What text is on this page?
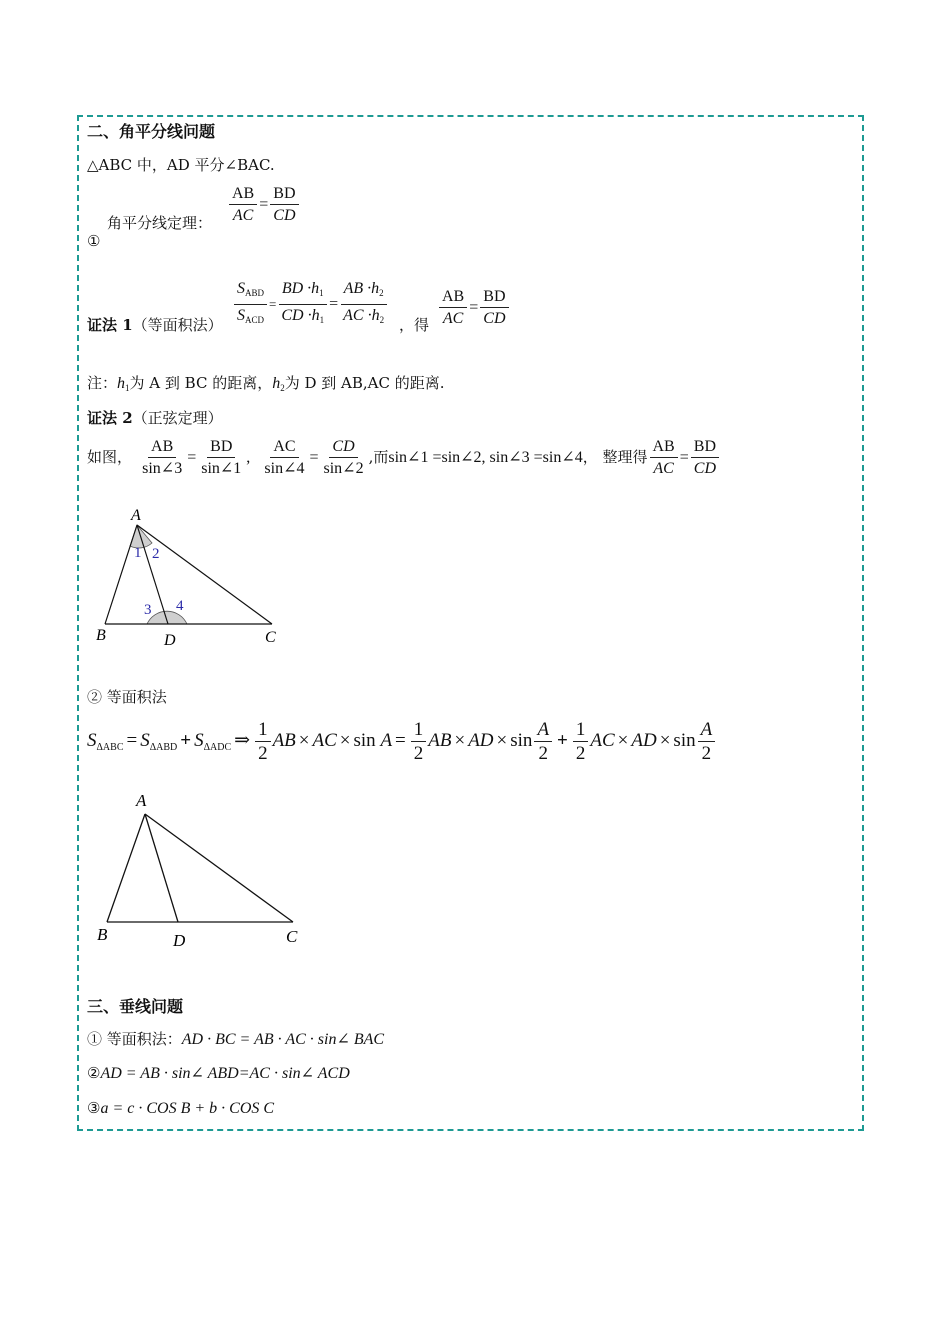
二、角平分线问题
△ABC 中，AD 平分∠BAC.
$\frac{AB}{AC} = \frac{BD}{CD}$
角平分线定理：
①
$\frac{S_{ABD}}{S_{ACD}} = \frac{BD \cdot h_1}{CD \cdot h_1} = \frac{AB \cdot h_2}{AC \cdot h_2}$
证法 1（等面积法）	，得 $\frac{AB}{AC} = \frac{BD}{CD}$
注：$h_1$为 A 到 BC 的距离，$h_2$为 D 到 AB,AC 的距离.
证法 2（正弦定理）
如图， $\frac{AB}{\sin\angle 3} = \frac{BD}{\sin\angle 1}$ , $\frac{AC}{\sin\angle 4} = \frac{CD}{\sin\angle 2}$ ,而sin∠1 =sin∠2, sin∠3 =sin∠4， 整理得 $\frac{AB}{AC} = \frac{BD}{CD}$
A
B	D	C
1 2
3 4
② 等面积法
$S_{\Delta ABC} = S_{\Delta ABD} + S_{\Delta ADC}$ ⇒ $\frac{1}{2}$ AB × AC × $\sin A = \frac{1}{2}$ AB × AD × $\sin \frac{A}{2} + \frac{1}{2}$ AC × AD × $\sin \frac{A}{2}$
A
B	D	C
三、垂线问题
① 等面积法：AD · BC = AB · AC · sin∠ BAC
②AD = AB · sin∠ ABD=AC · sin∠ ACD
③a = c · COS B + b · COS C
